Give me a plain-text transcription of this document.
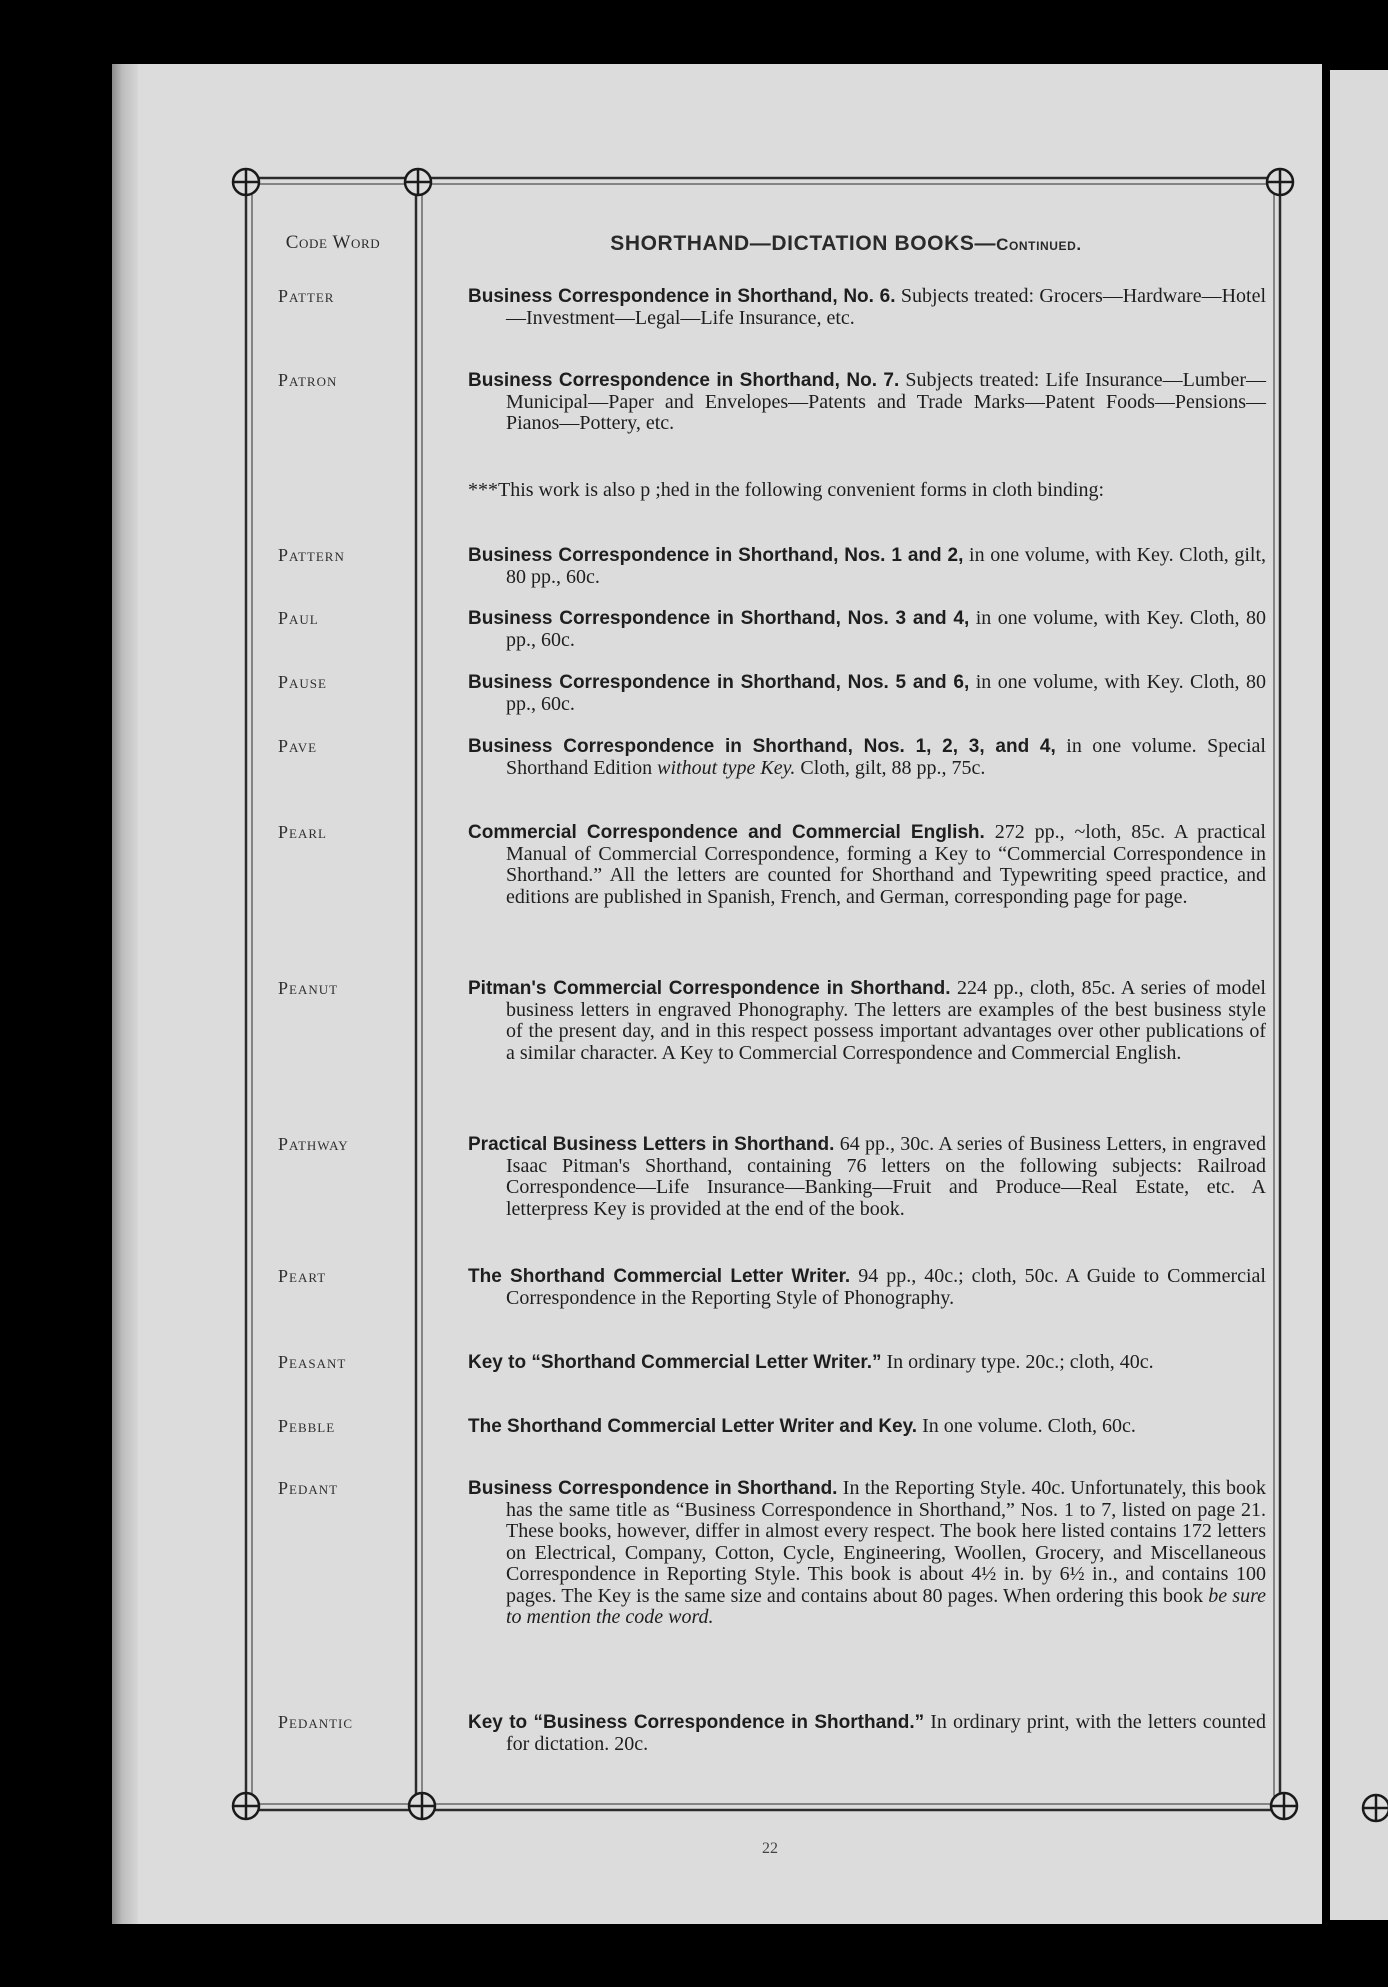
Code Word	SHORTHAND—DICTATION BOOKS—Continued.
Patter	Business Correspondence in Shorthand, No. 6. Subjects treated: Grocers—Hardware—Hotel—Investment—Legal—Life Insurance, etc.
Patron	Business Correspondence in Shorthand, No. 7. Subjects treated: Life Insurance—Lumber—Municipal—Paper and Envelopes—Patents and Trade Marks—Patent Foods—Pensions—Pianos—Pottery, etc.
***This work is also p ;hed in the following convenient forms in cloth binding:
Pattern	Business Correspondence in Shorthand, Nos. 1 and 2, in one volume, with Key. Cloth, gilt, 80 pp., 60c.
Paul	Business Correspondence in Shorthand, Nos. 3 and 4, in one volume, with Key. Cloth, 80 pp., 60c.
Pause	Business Correspondence in Shorthand, Nos. 5 and 6, in one volume, with Key. Cloth, 80 pp., 60c.
Pave	Business Correspondence in Shorthand, Nos. 1, 2, 3, and 4, in one volume. Special Shorthand Edition without type Key. Cloth, gilt, 88 pp., 75c.
Pearl	Commercial Correspondence and Commercial English. 272 pp., ~loth, 85c. A practical Manual of Commercial Correspondence, forming a Key to “Commercial Correspondence in Shorthand.” All the letters are counted for Shorthand and Typewriting speed practice, and editions are published in Spanish, French, and German, corresponding page for page.
Peanut	Pitman's Commercial Correspondence in Shorthand. 224 pp., cloth, 85c. A series of model business letters in engraved Phonography. The letters are examples of the best business style of the present day, and in this respect possess important advantages over other publications of a similar character. A Key to Commercial Correspondence and Commercial English.
Pathway	Practical Business Letters in Shorthand. 64 pp., 30c. A series of Business Letters, in engraved Isaac Pitman's Shorthand, containing 76 letters on the following subjects: Railroad Correspondence—Life Insurance—Banking—Fruit and Produce—Real Estate, etc. A letterpress Key is provided at the end of the book.
Peart	The Shorthand Commercial Letter Writer. 94 pp., 40c.; cloth, 50c. A Guide to Commercial Correspondence in the Reporting Style of Phonography.
Peasant	Key to “Shorthand Commercial Letter Writer.” In ordinary type. 20c.; cloth, 40c.
Pebble	The Shorthand Commercial Letter Writer and Key. In one volume. Cloth, 60c.
Pedant	Business Correspondence in Shorthand. In the Reporting Style. 40c. Unfortunately, this book has the same title as “Business Correspondence in Shorthand,” Nos. 1 to 7, listed on page 21. These books, however, differ in almost every respect. The book here listed contains 172 letters on Electrical, Company, Cotton, Cycle, Engineering, Woollen, Grocery, and Miscellaneous Correspondence in Reporting Style. This book is about 4½ in. by 6½ in., and contains 100 pages. The Key is the same size and contains about 80 pages. When ordering this book be sure to mention the code word.
Pedantic	Key to “Business Correspondence in Shorthand.” In ordinary print, with the letters counted for dictation. 20c.
22
